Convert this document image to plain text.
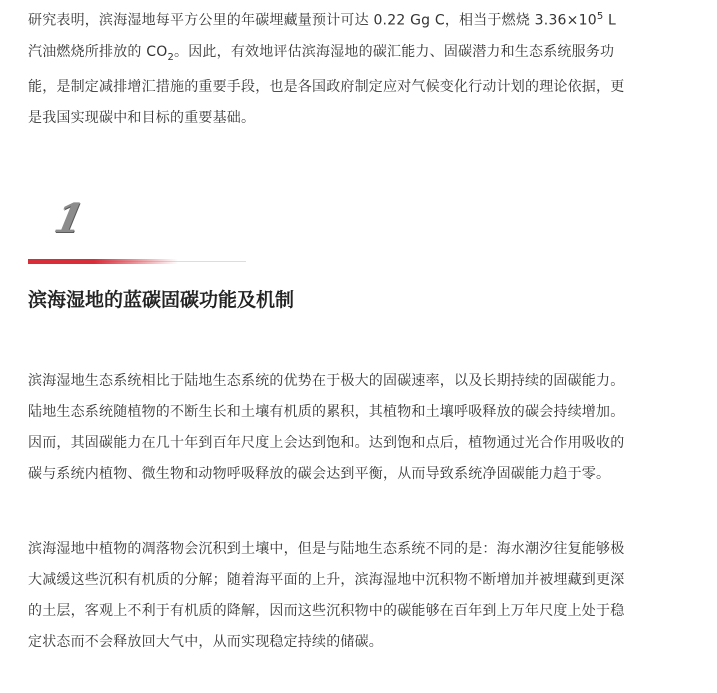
研究表明，滨海湿地每平方公里的年碳埋藏量预计可达 0.22 Gg C，相当于燃烧 $3.36\times 10^5$ L
汽油燃烧所排放的 $CO_2$。因此，有效地评估滨海湿地的碳汇能力、固碳潜力和生态系统服务功
能，是制定减排增汇措施的重要手段，也是各国政府制定应对气候变化行动计划的理论依据，更
是我国实现碳中和目标的重要基础。
1
滨海湿地的蓝碳固碳功能及机制
滨海湿地生态系统相比于陆地生态系统的优势在于极大的固碳速率，以及长期持续的固碳能力。
陆地生态系统随植物的不断生长和土壤有机质的累积，其植物和土壤呼吸释放的碳会持续增加。
因而，其固碳能力在几十年到百年尺度上会达到饱和。达到饱和点后，植物通过光合作用吸收的
碳与系统内植物、微生物和动物呼吸释放的碳会达到平衡，从而导致系统净固碳能力趋于零。
滨海湿地中植物的凋落物会沉积到土壤中，但是与陆地生态系统不同的是：海水潮汐往复能够极
大减缓这些沉积有机质的分解；随着海平面的上升，滨海湿地中沉积物不断增加并被埋藏到更深
的土层，客观上不利于有机质的降解，因而这些沉积物中的碳能够在百年到上万年尺度上处于稳
定状态而不会释放回大气中，从而实现稳定持续的储碳。
